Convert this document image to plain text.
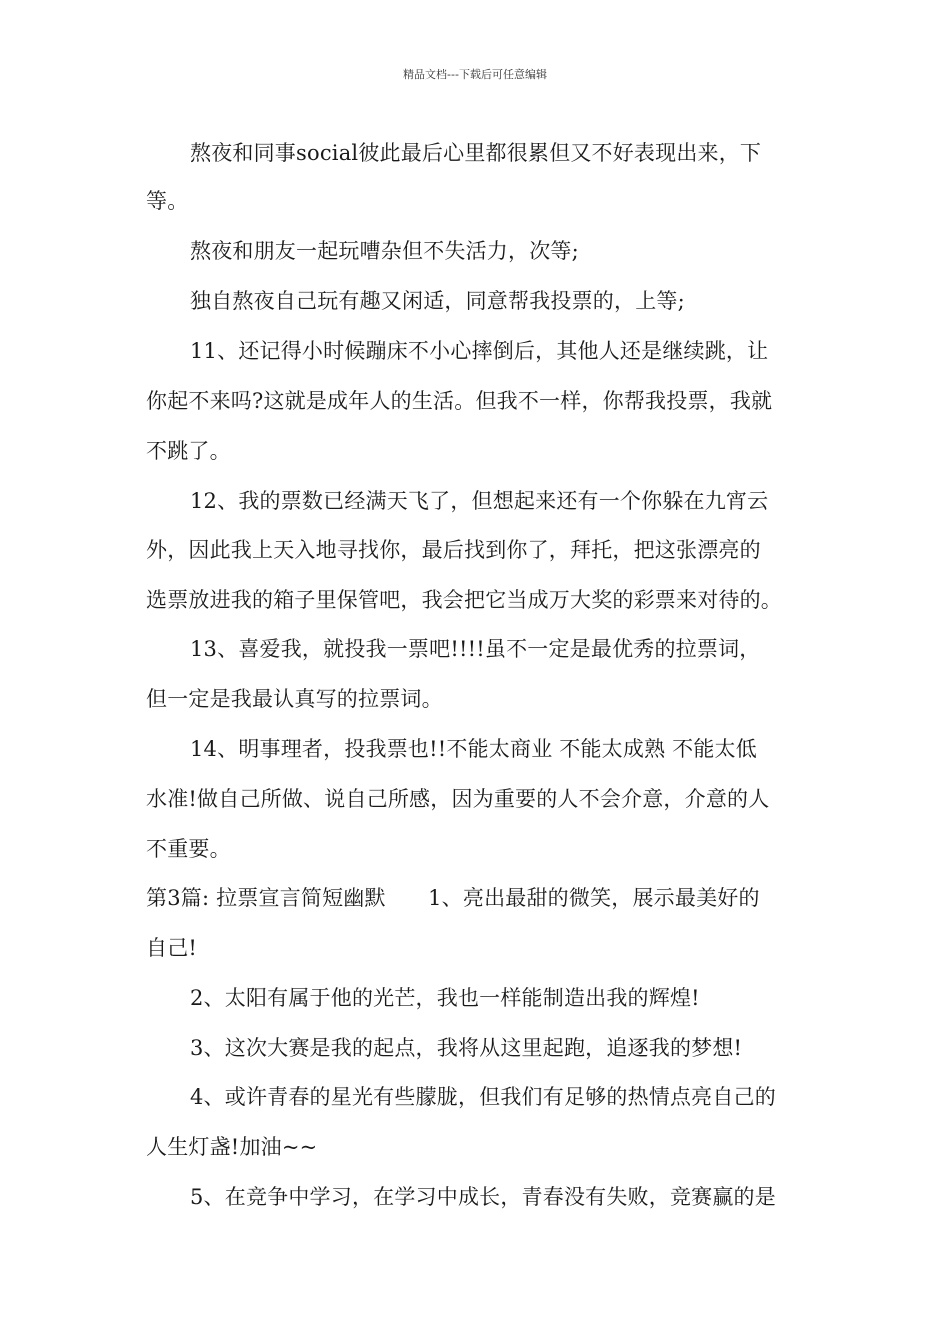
精品文档---下载后可任意编辑
熬夜和同事social彼此最后心里都很累但又不好表现出来，下
等。
熬夜和朋友一起玩嘈杂但不失活力，次等;
独自熬夜自己玩有趣又闲适，同意帮我投票的，上等;
11、还记得小时候蹦床不小心摔倒后，其他人还是继续跳，让
你起不来吗?这就是成年人的生活。但我不一样，你帮我投票，我就
不跳了。
12、我的票数已经满天飞了，但想起来还有一个你躲在九宵云
外，因此我上天入地寻找你，最后找到你了，拜托，把这张漂亮的
选票放进我的箱子里保管吧，我会把它当成万大奖的彩票来对待的。
13、喜爱我，就投我一票吧!!!!虽不一定是最优秀的拉票词，
但一定是我最认真写的拉票词。
14、明事理者，投我票也!!不能太商业 不能太成熟 不能太低
水准!做自己所做、说自己所感，因为重要的人不会介意，介意的人
不重要。
第3篇: 拉票宣言简短幽默　　1、亮出最甜的微笑，展示最美好的
自己!
2、太阳有属于他的光芒，我也一样能制造出我的辉煌!
3、这次大赛是我的起点，我将从这里起跑，追逐我的梦想!
4、或许青春的星光有些朦胧，但我们有足够的热情点亮自己的
人生灯盏!加油~~
5、在竞争中学习，在学习中成长，青春没有失败，竞赛赢的是
